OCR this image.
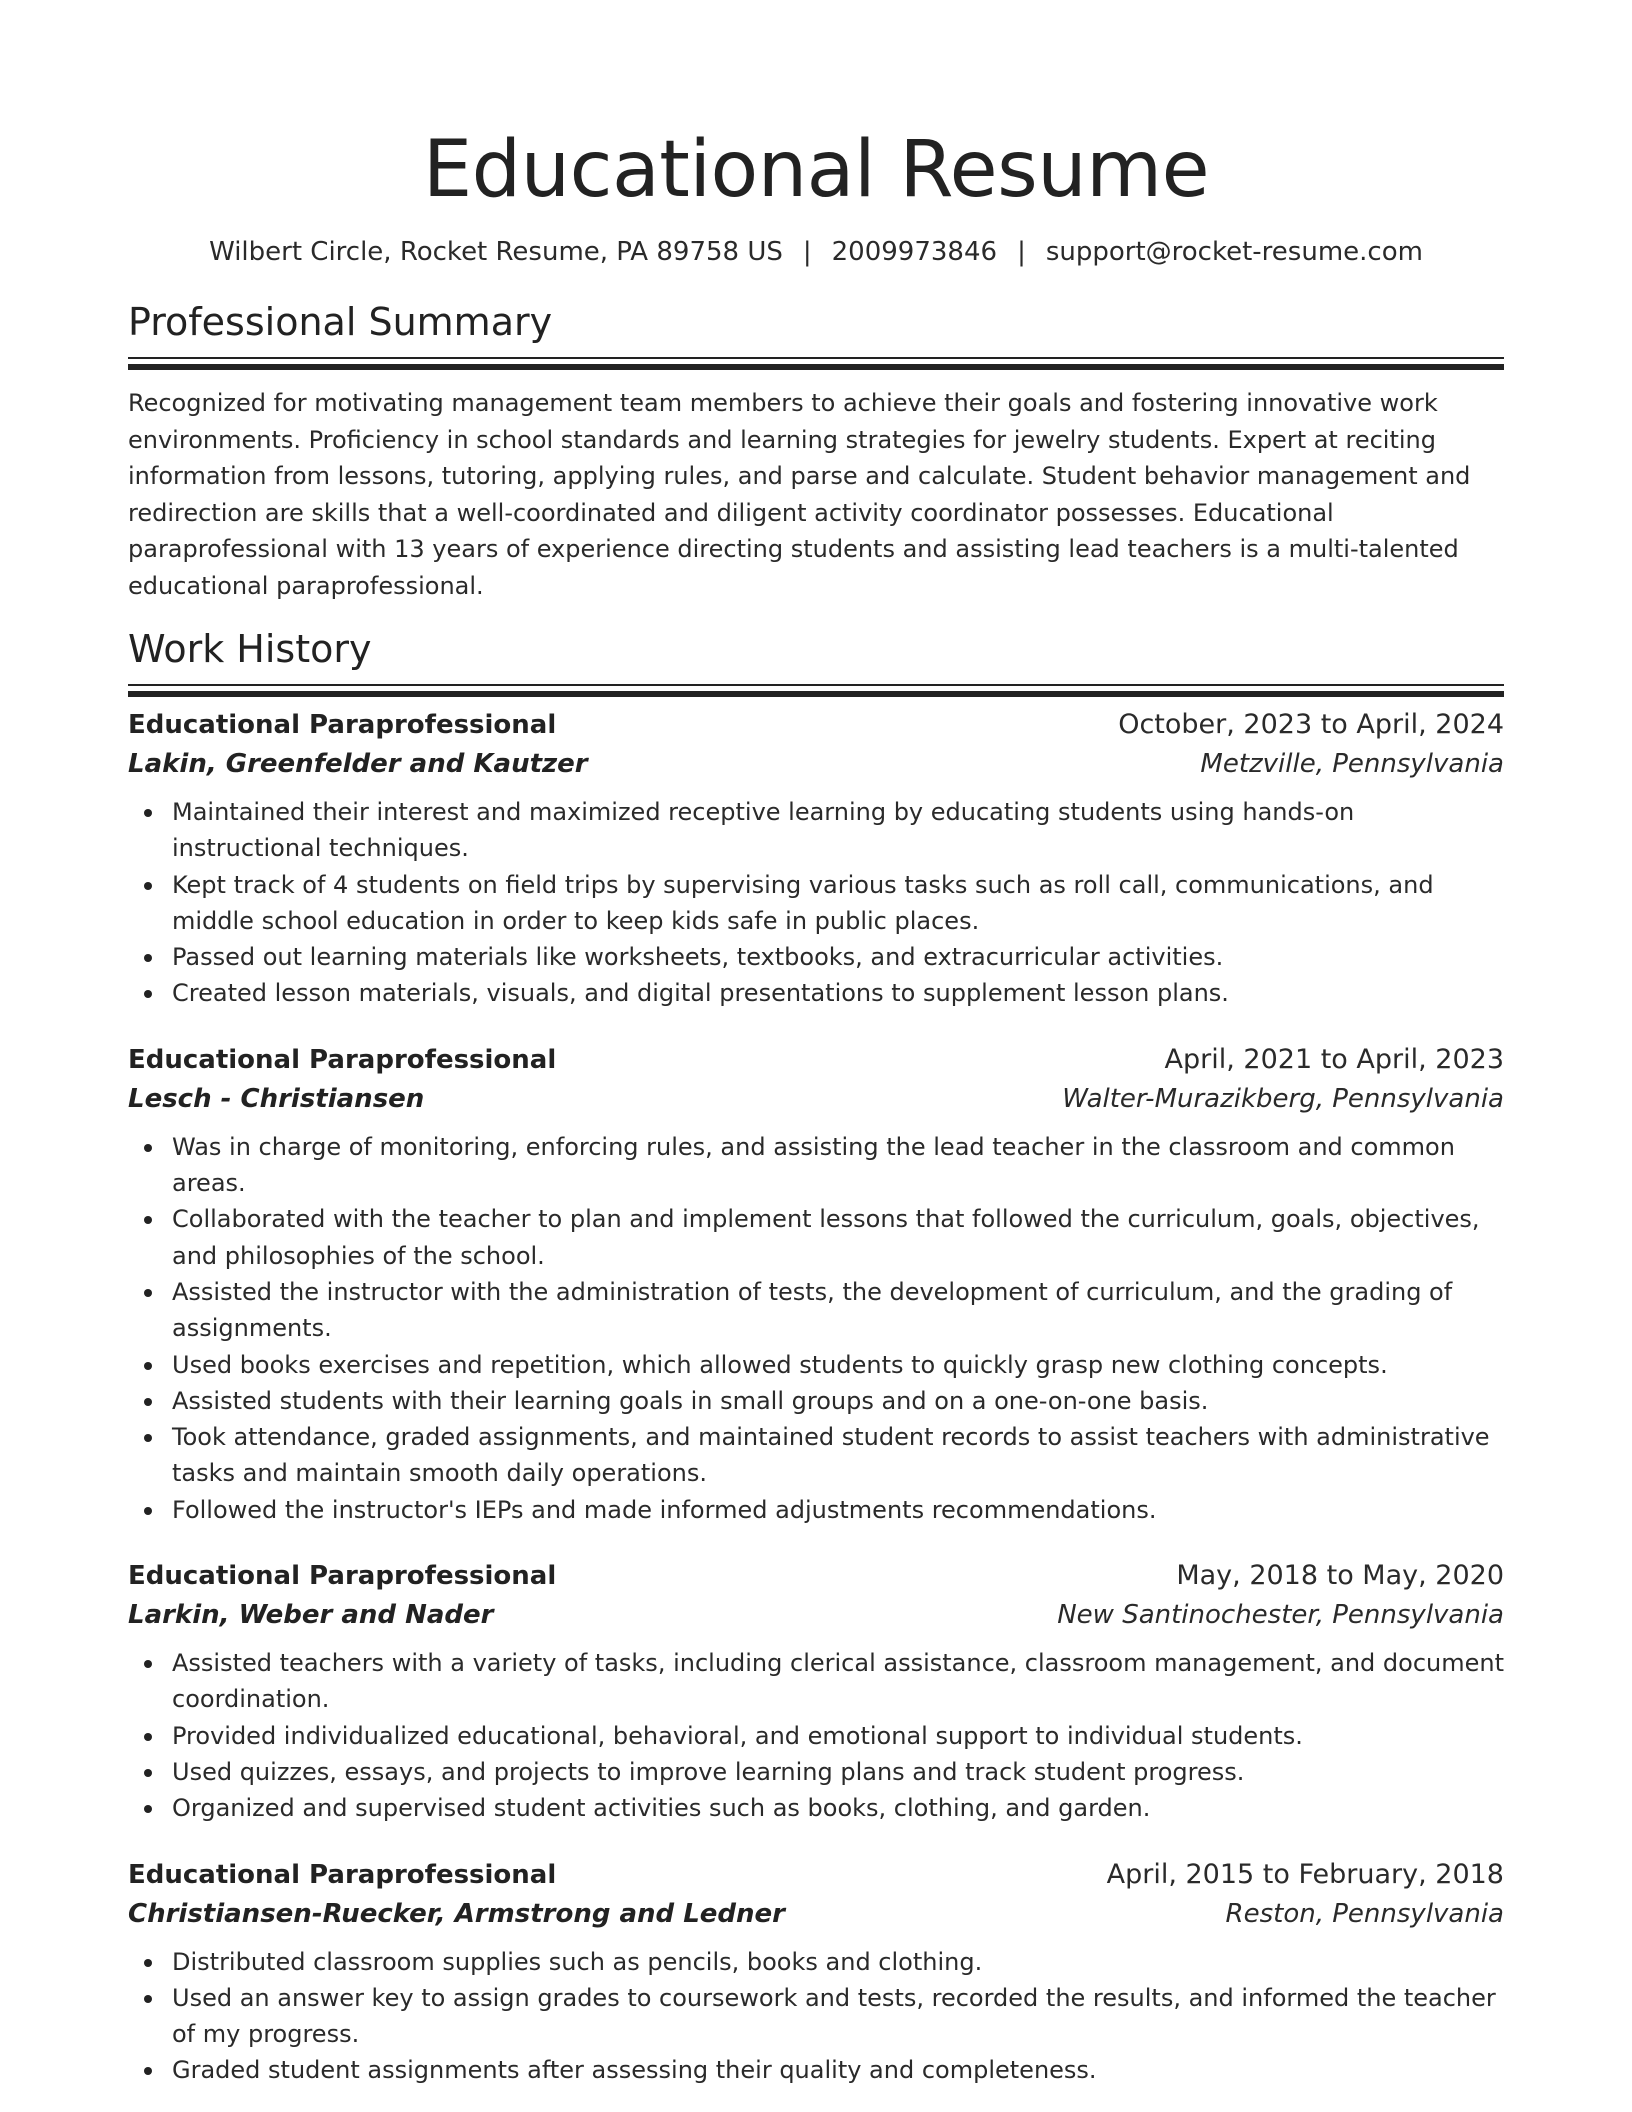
Educational Resume
Wilbert Circle, Rocket Resume, PA 89758 US | 2009973846 | support@rocket-resume.com
Professional Summary

Recognized for motivating management team members to achieve their goals and fostering innovative work environments. Proficiency in school standards and learning strategies for jewelry students. Expert at reciting information from lessons, tutoring, applying rules, and parse and calculate. Student behavior management and redirection are skills that a well-coordinated and diligent activity coordinator possesses. Educational paraprofessional with 13 years of experience directing students and assisting lead teachers is a multi-talented educational paraprofessional.

Work History
Educational Paraprofessional	October, 2023 to April, 2024
Lakin, Greenfelder and Kautzer	Metzville, Pennsylvania
Maintained their interest and maximized receptive learning by educating students using hands-on instructional techniques.
Kept track of 4 students on field trips by supervising various tasks such as roll call, communications, and middle school education in order to keep kids safe in public places.
Passed out learning materials like worksheets, textbooks, and extracurricular activities.
Created lesson materials, visuals, and digital presentations to supplement lesson plans.
Educational Paraprofessional	April, 2021 to April, 2023
Lesch - Christiansen	Walter-Murazikberg, Pennsylvania
Was in charge of monitoring, enforcing rules, and assisting the lead teacher in the classroom and common areas.
Collaborated with the teacher to plan and implement lessons that followed the curriculum, goals, objectives, and philosophies of the school.
Assisted the instructor with the administration of tests, the development of curriculum, and the grading of assignments.
Used books exercises and repetition, which allowed students to quickly grasp new clothing concepts.
Assisted students with their learning goals in small groups and on a one-on-one basis.
Took attendance, graded assignments, and maintained student records to assist teachers with administrative tasks and maintain smooth daily operations.
Followed the instructor's IEPs and made informed adjustments recommendations.
Educational Paraprofessional	May, 2018 to May, 2020
Larkin, Weber and Nader	New Santinochester, Pennsylvania
Assisted teachers with a variety of tasks, including clerical assistance, classroom management, and document coordination.
Provided individualized educational, behavioral, and emotional support to individual students.
Used quizzes, essays, and projects to improve learning plans and track student progress.
Organized and supervised student activities such as books, clothing, and garden.
Educational Paraprofessional	April, 2015 to February, 2018
Christiansen-Ruecker, Armstrong and Ledner	Reston, Pennsylvania
Distributed classroom supplies such as pencils, books and clothing.
Used an answer key to assign grades to coursework and tests, recorded the results, and informed the teacher of my progress.
Graded student assignments after assessing their quality and completeness.
